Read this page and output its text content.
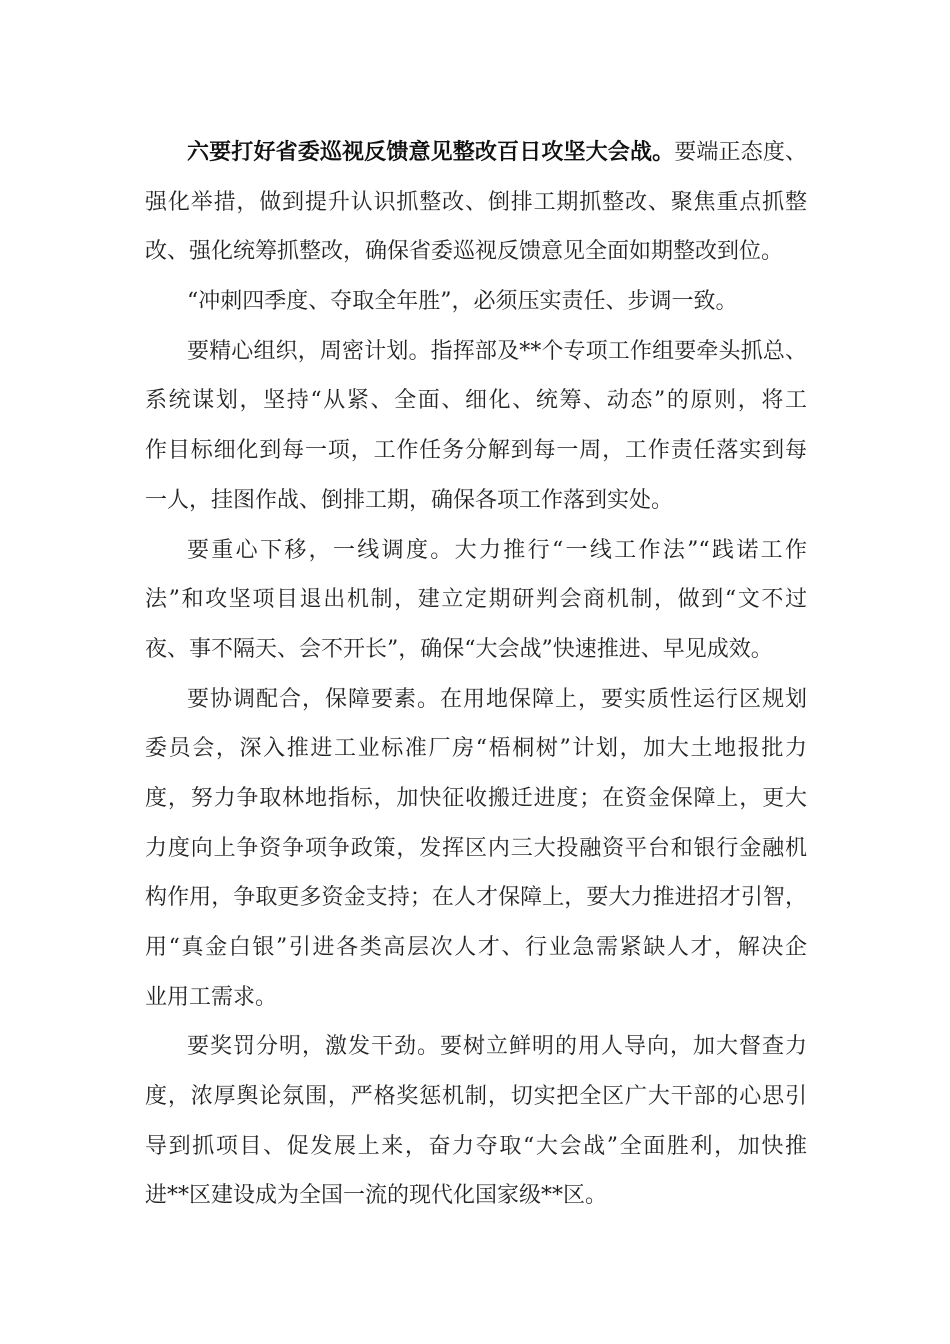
六要打好省委巡视反馈意见整改百日攻坚大会战。要端正态度、
强化举措，做到提升认识抓整改、倒排工期抓整改、聚焦重点抓整
改、强化统筹抓整改，确保省委巡视反馈意见全面如期整改到位。
“冲刺四季度、夺取全年胜”，必须压实责任、步调一致。
要精心组织，周密计划。指挥部及**个专项工作组要牵头抓总、
系统谋划，坚持“从紧、全面、细化、统筹、动态”的原则，将工
作目标细化到每一项，工作任务分解到每一周，工作责任落实到每
一人，挂图作战、倒排工期，确保各项工作落到实处。
要重心下移，一线调度。大力推行“一线工作法”“践诺工作
法”和攻坚项目退出机制，建立定期研判会商机制，做到“文不过
夜、事不隔天、会不开长”，确保“大会战”快速推进、早见成效。
要协调配合，保障要素。在用地保障上，要实质性运行区规划
委员会，深入推进工业标准厂房“梧桐树”计划，加大土地报批力
度，努力争取林地指标，加快征收搬迁进度；在资金保障上，更大
力度向上争资争项争政策，发挥区内三大投融资平台和银行金融机
构作用，争取更多资金支持；在人才保障上，要大力推进招才引智，
用“真金白银”引进各类高层次人才、行业急需紧缺人才，解决企
业用工需求。
要奖罚分明，激发干劲。要树立鲜明的用人导向，加大督查力
度，浓厚舆论氛围，严格奖惩机制，切实把全区广大干部的心思引
导到抓项目、促发展上来，奋力夺取“大会战”全面胜利，加快推
进**区建设成为全国一流的现代化国家级**区。
